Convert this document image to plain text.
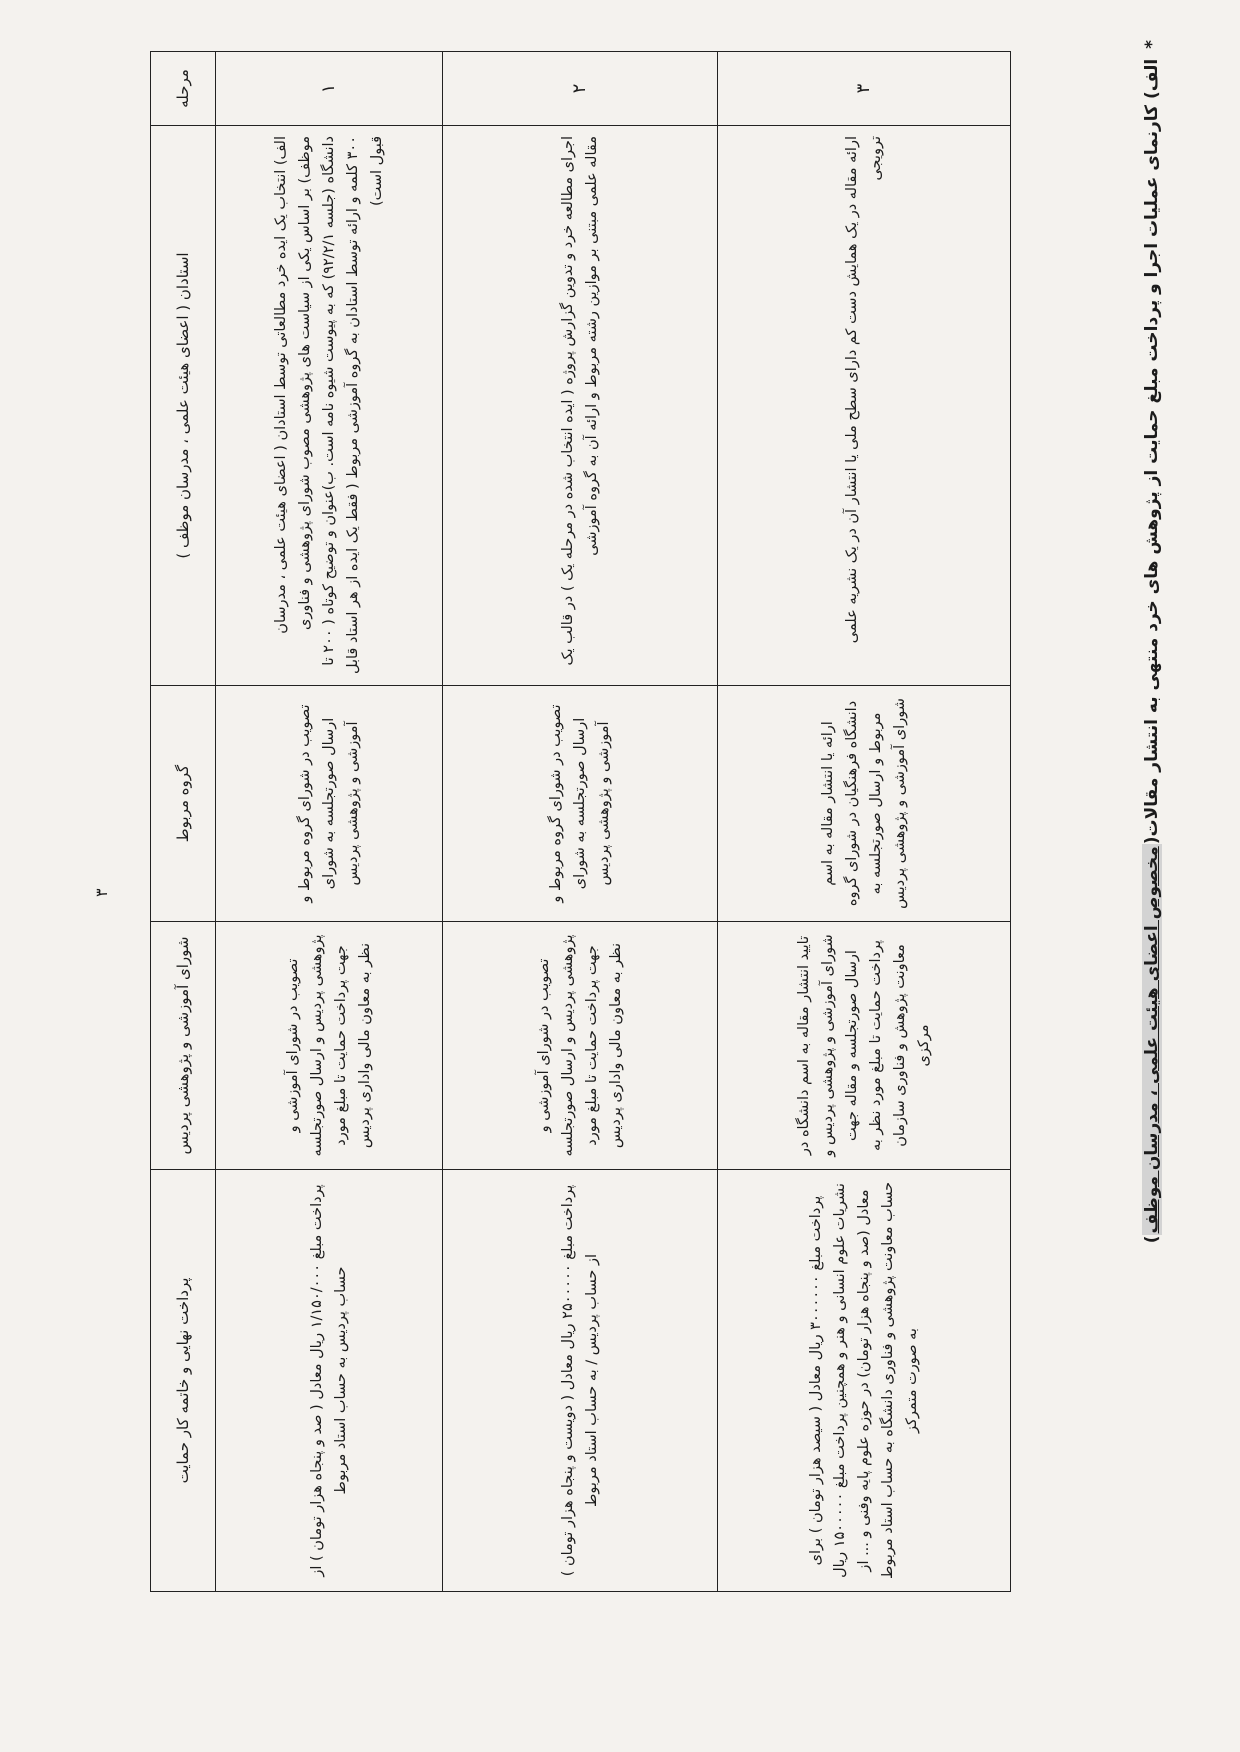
* الف) کارنمای عملیات اجرا و پرداخت مبلغ حمایت از پژوهش های خرد منتهی به انتشار مقالات(مخصوص اعضای هیئت علمی ، مدرسان موظف)
مرحله	استادان ( اعضای هیئت علمی ، مدرسان موظف )	گروه مربوط	شورای آموزشی و پژوهشی پردیس	پرداخت نهایی و خاتمه کار حمایت
۱	الف) انتخاب یک ایده خرد مطالعاتی توسط استادان ( اعضای هیئت علمی ، مدرسان موظف) بر اساس یکی از سیاست های پژوهشی مصوب شورای پژوهشی و فناوری دانشگاه (جلسه ۹۲/۲/۱) که به پیوست شیوه نامه است. ب)عنوان و توضیح کوتاه ( ۲۰۰ تا ۳۰۰ کلمه و ارائه توسط استادان به گروه آموزشی مربوط ( فقط یک ایده از هر استاد قابل قبول است)	تصویب در شورای گروه مربوط و ارسال صورتجلسه به شورای آموزشی و پژوهشی پردیس	تصویب در شورای آموزشی و پژوهشی پردیس و ارسال صورتجلسه جهت پرداخت حمایت تا مبلغ مورد نظر به معاون مالی واداری پردیس	پرداخت مبلغ ۱/۱۵۰/۰۰۰ ریال معادل ( صد و پنجاه هزار تومان ) از حساب پردیس به حساب استاد مربوط
۲	اجرای مطالعه خرد و تدوین گزارش پروژه ( ایده انتخاب شده در مرحله یک ) در قالب یک مقاله علمی مبتنی بر موازین رشته مربوط و ارائه آن به گروه آموزشی	تصویب در شورای گروه مربوط و ارسال صورتجلسه به شورای آموزشی و پژوهشی پردیس	تصویب در شورای آموزشی و پژوهشی پردیس و ارسال صورتجلسه جهت پرداخت حمایت تا مبلغ مورد نظر به معاون مالی واداری پردیس	پرداخت مبلغ ۲۵۰۰۰۰۰ ریال معادل ( دویست و پنجاه هزار تومان ) از حساب پردیس / به حساب استاد مربوط
۳	ارائه مقاله در یک همایش دست کم دارای سطح ملی یا انتشار آن در یک نشریه علمی ترویجی	ارائه یا انتشار مقاله به اسم دانشگاه فرهنگیان در شورای گروه مربوط و ارسال صورتجلسه به شورای آموزشی و پژوهشی پردیس	تایید انتشار مقاله به اسم دانشگاه در شورای آموزشی و پژوهشی پردیس و ارسال صورتجلسه و مقاله جهت پرداخت حمایت تا مبلغ مورد نظر به معاونت پژوهش و فناوری سازمان مرکزی	پرداخت مبلغ ۳۰۰۰۰۰۰ ریال معادل ( سیصد هزار تومان ) برای نشریات علوم انسانی و هنر و همچنین پرداخت مبلغ ۱۵۰۰۰۰۰ ریال معادل (صد و پنجاه هزار تومان) در حوزه علوم پایه وفنی و ... از حساب معاونت پژوهشی و فناوری دانشگاه به حساب استاد مربوط به صورت متمرکز
۳
